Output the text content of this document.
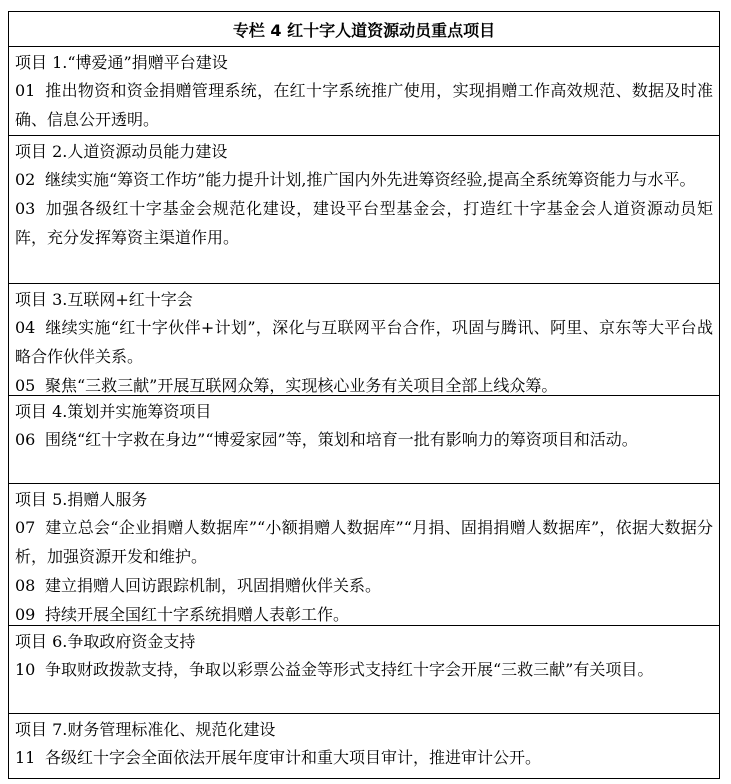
专栏 4 红十字人道资源动员重点项目
项目 1.“博爱通”捐赠平台建设
01 推出物资和资金捐赠管理系统，在红十字系统推广使用，实现捐赠工作高效规范、数据及时准确、信息公开透明。
项目 2.人道资源动员能力建设
02 继续实施“筹资工作坊”能力提升计划,推广国内外先进筹资经验,提高全系统筹资能力与水平。
03 加强各级红十字基金会规范化建设，建设平台型基金会，打造红十字基金会人道资源动员矩阵，充分发挥筹资主渠道作用。
项目 3.互联网+红十字会
04 继续实施“红十字伙伴+计划”，深化与互联网平台合作，巩固与腾讯、阿里、京东等大平台战略合作伙伴关系。
05 聚焦“三救三献”开展互联网众筹，实现核心业务有关项目全部上线众筹。
项目 4.策划并实施筹资项目
06 围绕“红十字救在身边”“博爱家园”等，策划和培育一批有影响力的筹资项目和活动。
项目 5.捐赠人服务
07 建立总会“企业捐赠人数据库”“小额捐赠人数据库”“月捐、固捐捐赠人数据库”，依据大数据分析，加强资源开发和维护。
08 建立捐赠人回访跟踪机制，巩固捐赠伙伴关系。
09 持续开展全国红十字系统捐赠人表彰工作。
项目 6.争取政府资金支持
10 争取财政拨款支持，争取以彩票公益金等形式支持红十字会开展“三救三献”有关项目。
项目 7.财务管理标准化、规范化建设
11 各级红十字会全面依法开展年度审计和重大项目审计，推进审计公开。
